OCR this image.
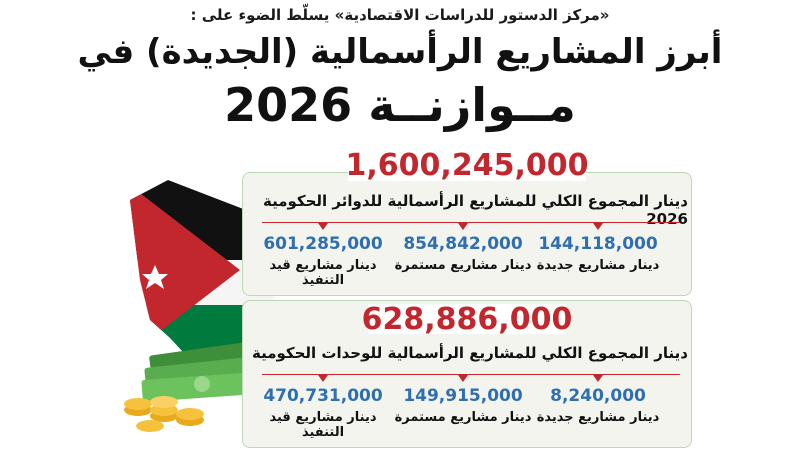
«مركز الدستور للدراسات الاقتصادية» يسلّط الضوء على :
أبرز المشاريع الرأسمالية (الجديدة) في
مــوازنــة 2026
1,600,245,000
دينار المجموع الكلي للمشاريع الرأسمالية للدوائر الحكومية 2026
144,118,000
دينار مشاريع جديدة
854,842,000
دينار مشاريع مستمرة
601,285,000
دينار مشاريع قيد التنفيذ
628,886,000
دينار المجموع الكلي للمشاريع الرأسمالية للوحدات الحكومية
8,240,000
دينار مشاريع جديدة
149,915,000
دينار مشاريع مستمرة
470,731,000
دينار مشاريع قيد التنفيذ
